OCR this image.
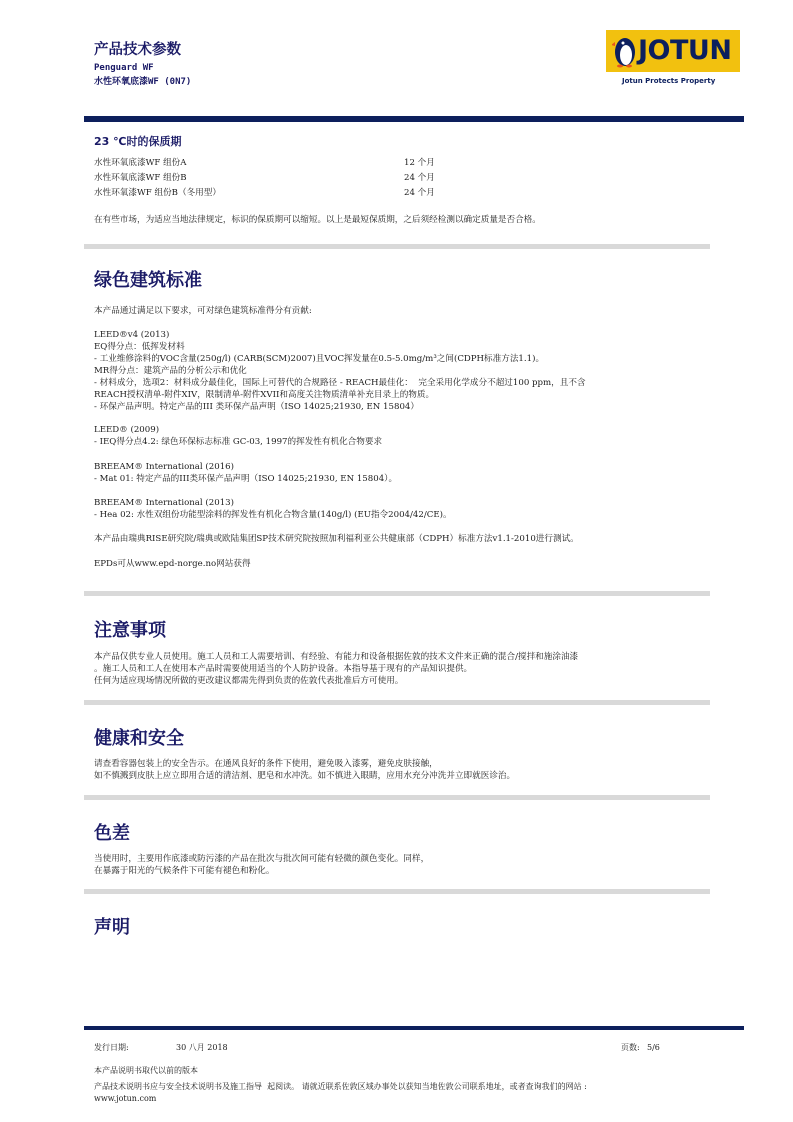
产品技术参数
Penguard WF
水性环氧底漆WF (0N7)
JOTUN
Jotun Protects Property
23 ℃时的保质期
水性环氧底漆WF 组份A	12 个月
水性环氧底漆WF 组份B	24 个月
水性环氧漆WF 组份B（冬用型）	24 个月
在有些市场，为适应当地法律规定，标识的保质期可以缩短。以上是最短保质期，之后须经检测以确定质量是否合格。
绿色建筑标准
本产品通过满足以下要求，可对绿色建筑标准得分有贡献:
LEED®v4 (2013)
EQ得分点：低挥发材料
- 工业维修涂料的VOC含量(250g/l) (CARB(SCM)2007)且VOC挥发量在0.5-5.0mg/m³之间(CDPH标准方法1.1)。
MR得分点：建筑产品的分析公示和优化
- 材料成分，选项2：材料成分最佳化，国际上可替代的合规路径 - REACH最佳化：  完全采用化学成分不超过100 ppm，且不含
REACH授权清单-附件XIV，限制清单-附件XVII和高度关注物质清单补充目录上的物质。
- 环保产品声明。特定产品的III 类环保产品声明（ISO 14025;21930, EN 15804）
LEED® (2009)
- IEQ得分点4.2: 绿色环保标志标准 GC-03, 1997的挥发性有机化合物要求
BREEAM® International (2016)
- Mat 01: 特定产品的III类环保产品声明（ISO 14025;21930, EN 15804）。
BREEAM® International (2013)
- Hea 02: 水性双组份功能型涂料的挥发性有机化合物含量(140g/l) (EU指令2004/42/CE)。
本产品由瑞典RISE研究院/瑞典或欧陆集团SP技术研究院按照加利福利亚公共健康部（CDPH）标准方法v1.1-2010进行测试。
EPDs可从www.epd-norge.no网站获得
注意事项
本产品仅供专业人员使用。施工人员和工人需要培训、有经验、有能力和设备根据佐敦的技术文件来正确的混合/搅拌和施涂油漆
。施工人员和工人在使用本产品时需要使用适当的个人防护设备。本指导基于现有的产品知识提供。
任何为适应现场情况所做的更改建议都需先得到负责的佐敦代表批准后方可使用。
健康和安全
请查看容器包装上的安全告示。在通风良好的条件下使用，避免吸入漆雾，避免皮肤接触，
如不慎溅到皮肤上应立即用合适的清洁剂、肥皂和水冲洗。如不慎进入眼睛，应用水充分冲洗并立即就医诊治。
色差
当使用时，主要用作底漆或防污漆的产品在批次与批次间可能有轻微的颜色变化。同样，
在暴露于阳光的气候条件下可能有褪色和粉化。
声明
发行日期:	30 八月 2018	页数: 5/6
本产品说明书取代以前的版本
产品技术说明书应与安全技术说明书及施工指导  起阅读。 请就近联系佐敦区域办事处以获知当地佐敦公司联系地址，或者查询我们的网站 :
www.jotun.com
